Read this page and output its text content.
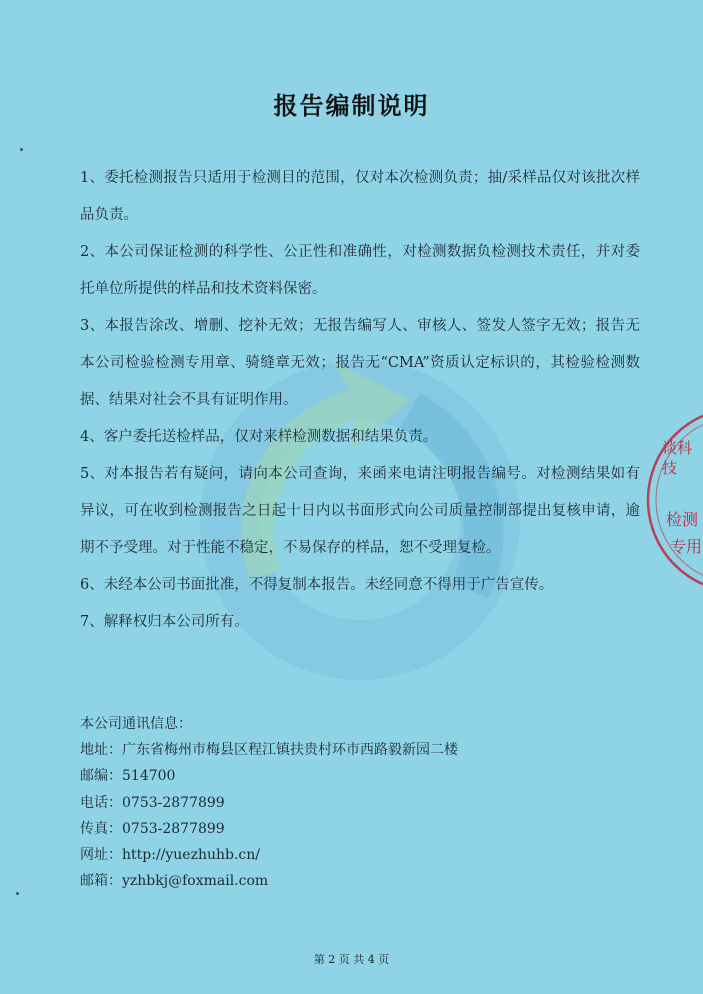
报告编制说明

1、委托检测报告只适用于检测目的范围，仅对本次检测负责；抽/采样品仅对该批次样品负责。

2、本公司保证检测的科学性、公正性和准确性，对检测数据负检测技术责任，并对委托单位所提供的样品和技术资料保密。

3、本报告涂改、增删、挖补无效；无报告编写人、审核人、签发人签字无效；报告无本公司检验检测专用章、骑缝章无效；报告无“CMA”资质认定标识的，其检验检测数据、结果对社会不具有证明作用。

4、客户委托送检样品，仅对来样检测数据和结果负责。

5、对本报告若有疑问，请向本公司查询，来函来电请注明报告编号。对检测结果如有异议，可在收到检测报告之日起十日内以书面形式向公司质量控制部提出复核申请，逾期不予受理。对于性能不稳定，不易保存的样品，恕不受理复检。

6、未经本公司书面批准，不得复制本报告。未经同意不得用于广告宣传。

7、解释权归本公司所有。

本公司通讯信息：
地址：广东省梅州市梅县区程江镇扶贵村环市西路毅新园二楼
邮编：514700
电话：0753-2877899
传真：0753-2877899
网址：http://yuezhuhb.cn/
邮箱：yzhbkj@foxmail.com
第 2 页 共 4 页
谈科技
检测
专用
